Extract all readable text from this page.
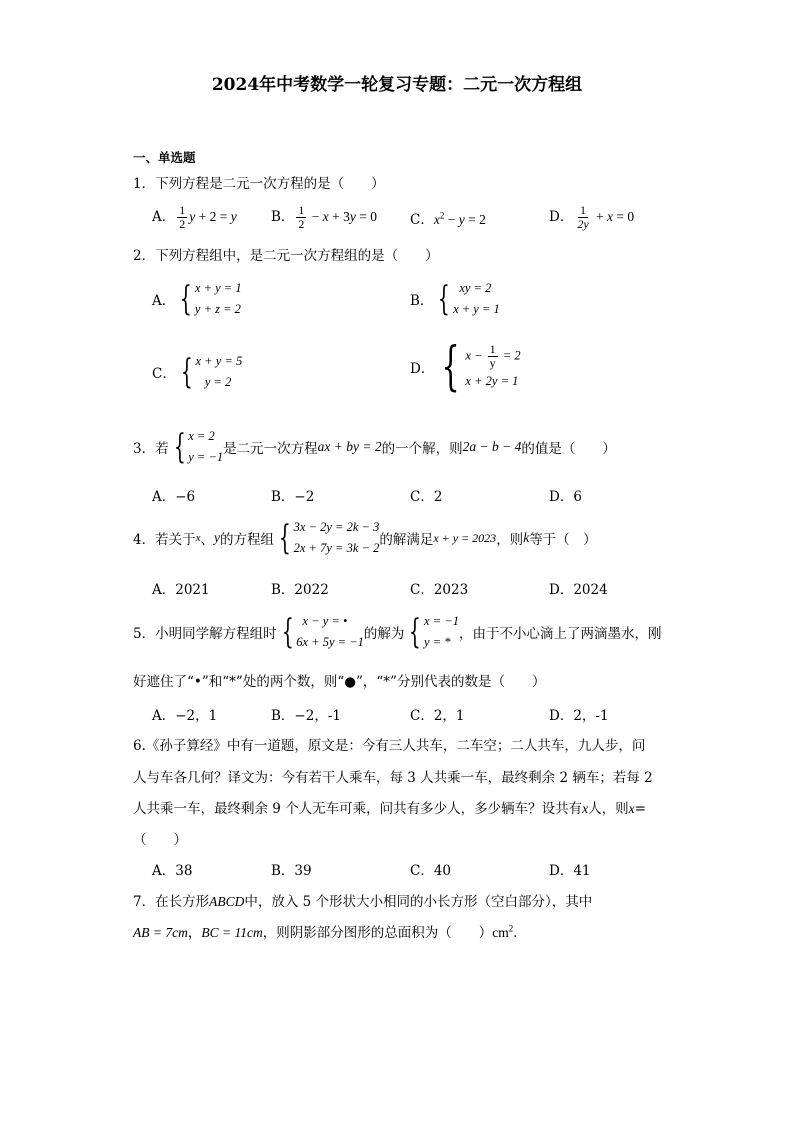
2024年中考数学一轮复习专题：二元一次方程组
一、单选题
1．下列方程是二元一次方程的是（　　）
A． $\frac{1}{2}$ y + 2 = y	B． $\frac{1}{2} - x + 3y = 0$ C．$x^2 - y = 2$	D． $\frac{1}{2y} + x = 0$
2．下列方程组中，是二元一次方程组的是（　　）
A． { x + y = 1
y + z = 2	B． { xy = 2
x + y = 1
C． { x + y = 5
y = 2
D． { $x - \frac{1}{y} = 2$
x + 2y = 1
3．若 { x = 2
y = −1 是二元一次方程 ax + by = 2 的一个解，则 2a − b − 4 的值是（　　）
A．−6	B．−2	C．2	D．6
4．若关于 x 、 y 的方程组 { 3x − 2y = 2k − 3
2x + 7y = 3k − 2 的解满足 x + y = 2023 ，则 k 等于（　）
A．2021	B．2022	C．2023	D．2024
5．小明同学解方程组时 { x − y = •
6x + 5y = −1 的解为 { x = −1
y = * ，由于不小心滴上了两滴墨水，刚
好遮住了“•”和“*”处的两个数，则“●”，“*”分别代表的数是（　　）
A．−2，1	B．−2，-1	C．2，1	D．2，-1
6.《孙子算经》中有一道题，原文是：今有三人共车，二车空；二人共车，九人步，问
人与车各几何？译文为：今有若干人乘车，每 3 人共乘一车，最终剩余 2 辆车；若每 2
人共乘一车，最终剩余 9 个人无车可乘，问共有多少人，多少辆车？设共有x人，则x=
（　　）
A．38	B．39	C．40	D．41
7．在长方形ABCD中，放入 5 个形状大小相同的小长方形（空白部分），其中
AB = 7cm，BC = 11cm，则阴影部分图形的总面积为（　　）$cm^2$．
